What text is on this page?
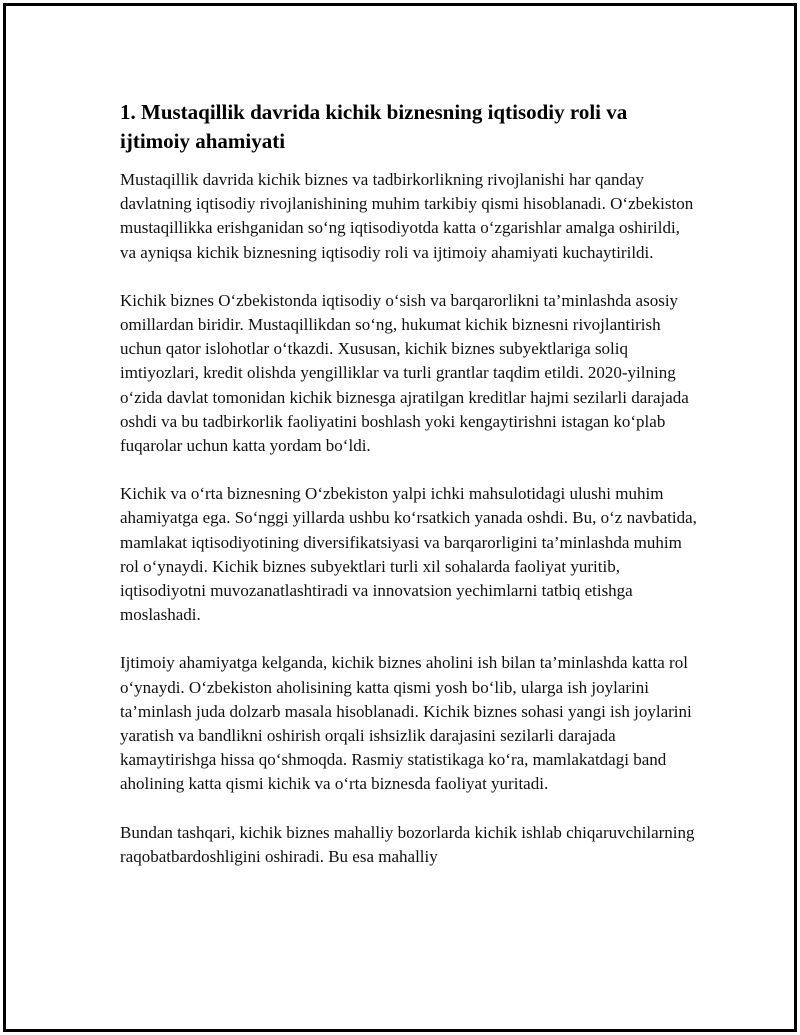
1. Mustaqillik davrida kichik biznesning iqtisodiy roli va ijtimoiy ahamiyati

Mustaqillik davrida kichik biznes va tadbirkorlikning rivojlanishi har qanday davlatning iqtisodiy rivojlanishining muhim tarkibiy qismi hisoblanadi. O‘zbekiston mustaqillikka erishganidan so‘ng iqtisodiyotda katta o‘zgarishlar amalga oshirildi, va ayniqsa kichik biznesning iqtisodiy roli va ijtimoiy ahamiyati kuchaytirildi.

Kichik biznes O‘zbekistonda iqtisodiy o‘sish va barqarorlikni ta’minlashda asosiy omillardan biridir. Mustaqillikdan so‘ng, hukumat kichik biznesni rivojlantirish uchun qator islohotlar o‘tkazdi. Xususan, kichik biznes subyektlariga soliq imtiyozlari, kredit olishda yengilliklar va turli grantlar taqdim etildi. 2020-yilning o‘zida davlat tomonidan kichik biznesga ajratilgan kreditlar hajmi sezilarli darajada oshdi va bu tadbirkorlik faoliyatini boshlash yoki kengaytirishni istagan ko‘plab fuqarolar uchun katta yordam bo‘ldi.

Kichik va o‘rta biznesning O‘zbekiston yalpi ichki mahsulotidagi ulushi muhim ahamiyatga ega. So‘nggi yillarda ushbu ko‘rsatkich yanada oshdi. Bu, o‘z navbatida, mamlakat iqtisodiyotining diversifikatsiyasi va barqarorligini ta’minlashda muhim rol o‘ynaydi. Kichik biznes subyektlari turli xil sohalarda faoliyat yuritib, iqtisodiyotni muvozanatlashtiradi va innovatsion yechimlarni tatbiq etishga moslashadi.

Ijtimoiy ahamiyatga kelganda, kichik biznes aholini ish bilan ta’minlashda katta rol o‘ynaydi. O‘zbekiston aholisining katta qismi yosh bo‘lib, ularga ish joylarini ta’minlash juda dolzarb masala hisoblanadi. Kichik biznes sohasi yangi ish joylarini yaratish va bandlikni oshirish orqali ishsizlik darajasini sezilarli darajada kamaytirishga hissa qo‘shmoqda. Rasmiy statistikaga ko‘ra, mamlakatdagi band aholining katta qismi kichik va o‘rta biznesda faoliyat yuritadi.

Bundan tashqari, kichik biznes mahalliy bozorlarda kichik ishlab chiqaruvchilarning raqobatbardoshligini oshiradi. Bu esa mahalliy
